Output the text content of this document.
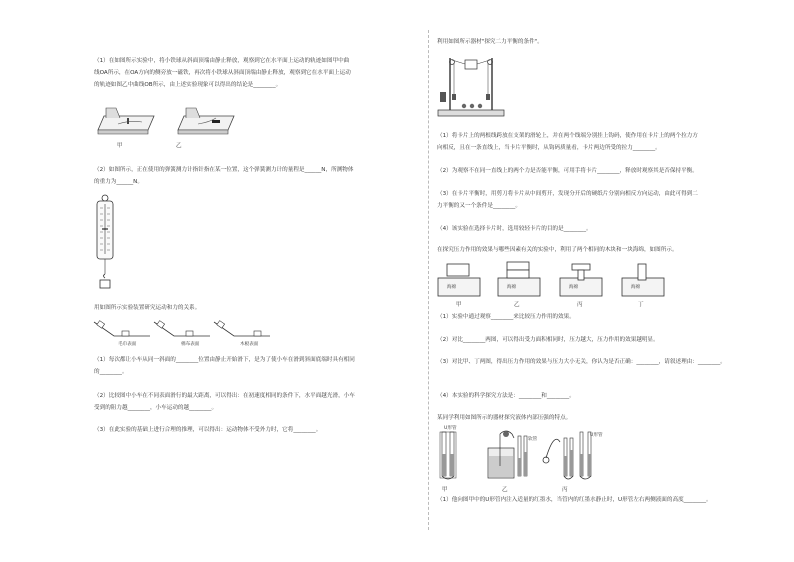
（1）在如图所示实验中，将小铁球从斜面顶端由静止释放，观察到它在水平面上运动的轨迹如图甲中曲
线OA所示，在OA方向的侧旁放一磁铁，再次将小铁球从斜面顶端由静止释放，观察到它在水平面上运动
的轨迹如图乙中曲线OB所示，由上述实验现象可以得出的结论是________。
甲	乙
（2）如图所示，正在使用的弹簧测力计指针指在某一位置，这个弹簧测力计的量程是______N，所测物体
的重力为______N。
用如图所示实验装置研究运动和力的关系。
毛巾表面	棉布表面	木板表面
（1）每次都让小车从同一斜面的________位置由静止开始滑下，是为了使小车在滑到斜面底端时具有相同
的________。
（2）比较图中小车在不同表面滑行的最大距离，可以得出：在初速度相同的条件下，水平面越光滑，小车
受到的阻力越________，小车运动的越________。
（3）在此实验的基础上进行合理的推理，可以得出：运动物体不受外力时，它将________。
利用如图所示器材"探究二力平衡的条件"。
（1）将卡片上的两根线跨放在支架的滑轮上，并在两个线端分别挂上钩码，使作用在卡片上的两个拉力方
向相反，且在一条直线上，当卡片平衡时，从钩码质量看，卡片两边所受的拉力________。
（2）为观察不在同一直线上的两个力是否能平衡，可用手将卡片________，释放时观察其是否保持平衡。
（3）在卡片平衡时，用剪刀将卡片从中间剪开，发现分开后的硬纸片分别向相反方向运动，由此可得到二
力平衡的又一个条件是________。
（4）该实验在选择卡片时，选用较轻卡片的目的是________。
在探究压力作用的效果与哪些因素有关的实验中，利用了两个相同的木块和一块海绵，如图所示。
海绵	海绵	海绵	海绵
甲	乙	丙	丁
（1）实验中通过观察________来比较压力作用的效果。
（2）对比________两图，可以得出受力面积相同时，压力越大，压力作用的效果越明显。
（3）对比甲、丁两图，得出压力作用的效果与压力大小无关，你认为是否正确：________，请叙述理由：________。
（4）本实验的科学探究方法是：________和________。
某同学利用如图所示的器材探究液体内部压强的特点。
U形管
软管
U形管
甲	乙	丙
（1）他向图甲中的U形管内注入适量的红墨水，当管内的红墨水静止时，U形管左右两侧液面的高度________。
